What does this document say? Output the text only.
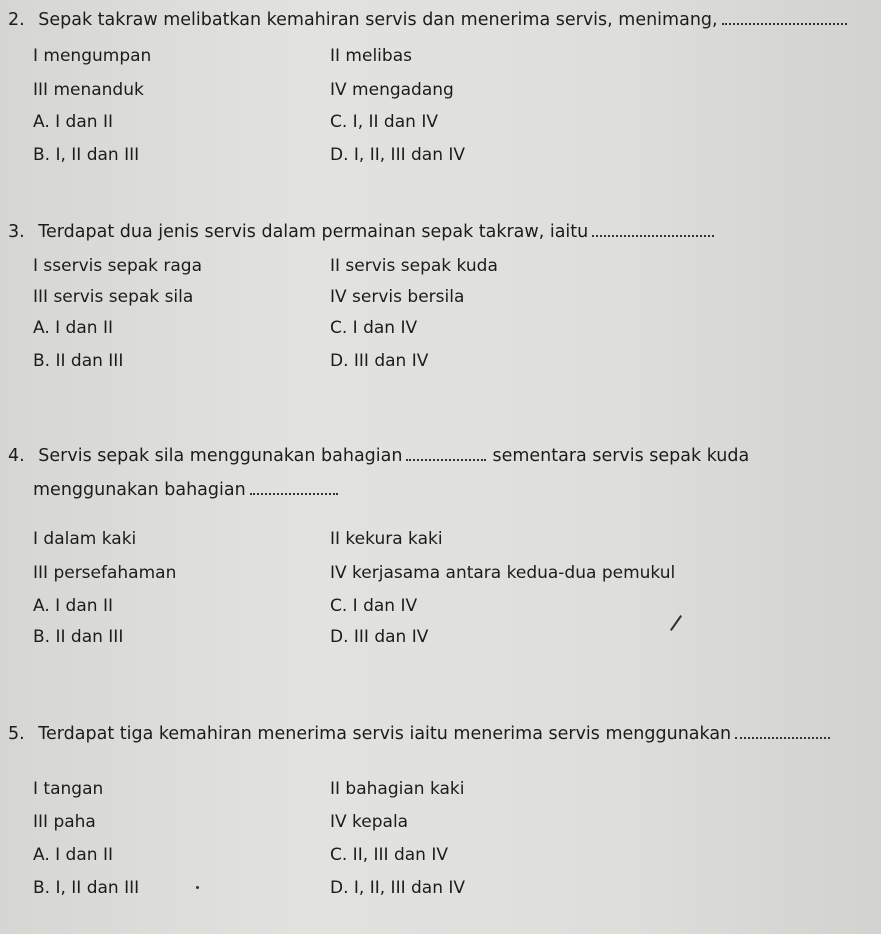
2. Sepak takraw melibatkan kemahiran servis dan menerima servis, menimang,
I mengumpan	II melibas
III menanduk	IV mengadang
A. I dan II	C. I, II dan IV
B. I, II dan III	D. I, II, III dan IV
3. Terdapat dua jenis servis dalam permainan sepak takraw, iaitu
I sservis sepak raga	II servis sepak kuda
III servis sepak sila	IV servis bersila
A. I dan II	C. I dan IV
B. II dan III	D. III dan IV
4. Servis sepak sila menggunakan bahagian	sementara servis sepak kuda
menggunakan bahagian
I dalam kaki	II kekura kaki
III persefahaman	IV kerjasama antara kedua-dua pemukul
A. I dan II	C. I dan IV
B. II dan III	D. III dan IV
5. Terdapat tiga kemahiran menerima servis iaitu menerima servis menggunakan
I tangan	II bahagian kaki
III paha	IV kepala
A. I dan II	C. II, III dan IV
B. I, II dan III	D. I, II, III dan IV
